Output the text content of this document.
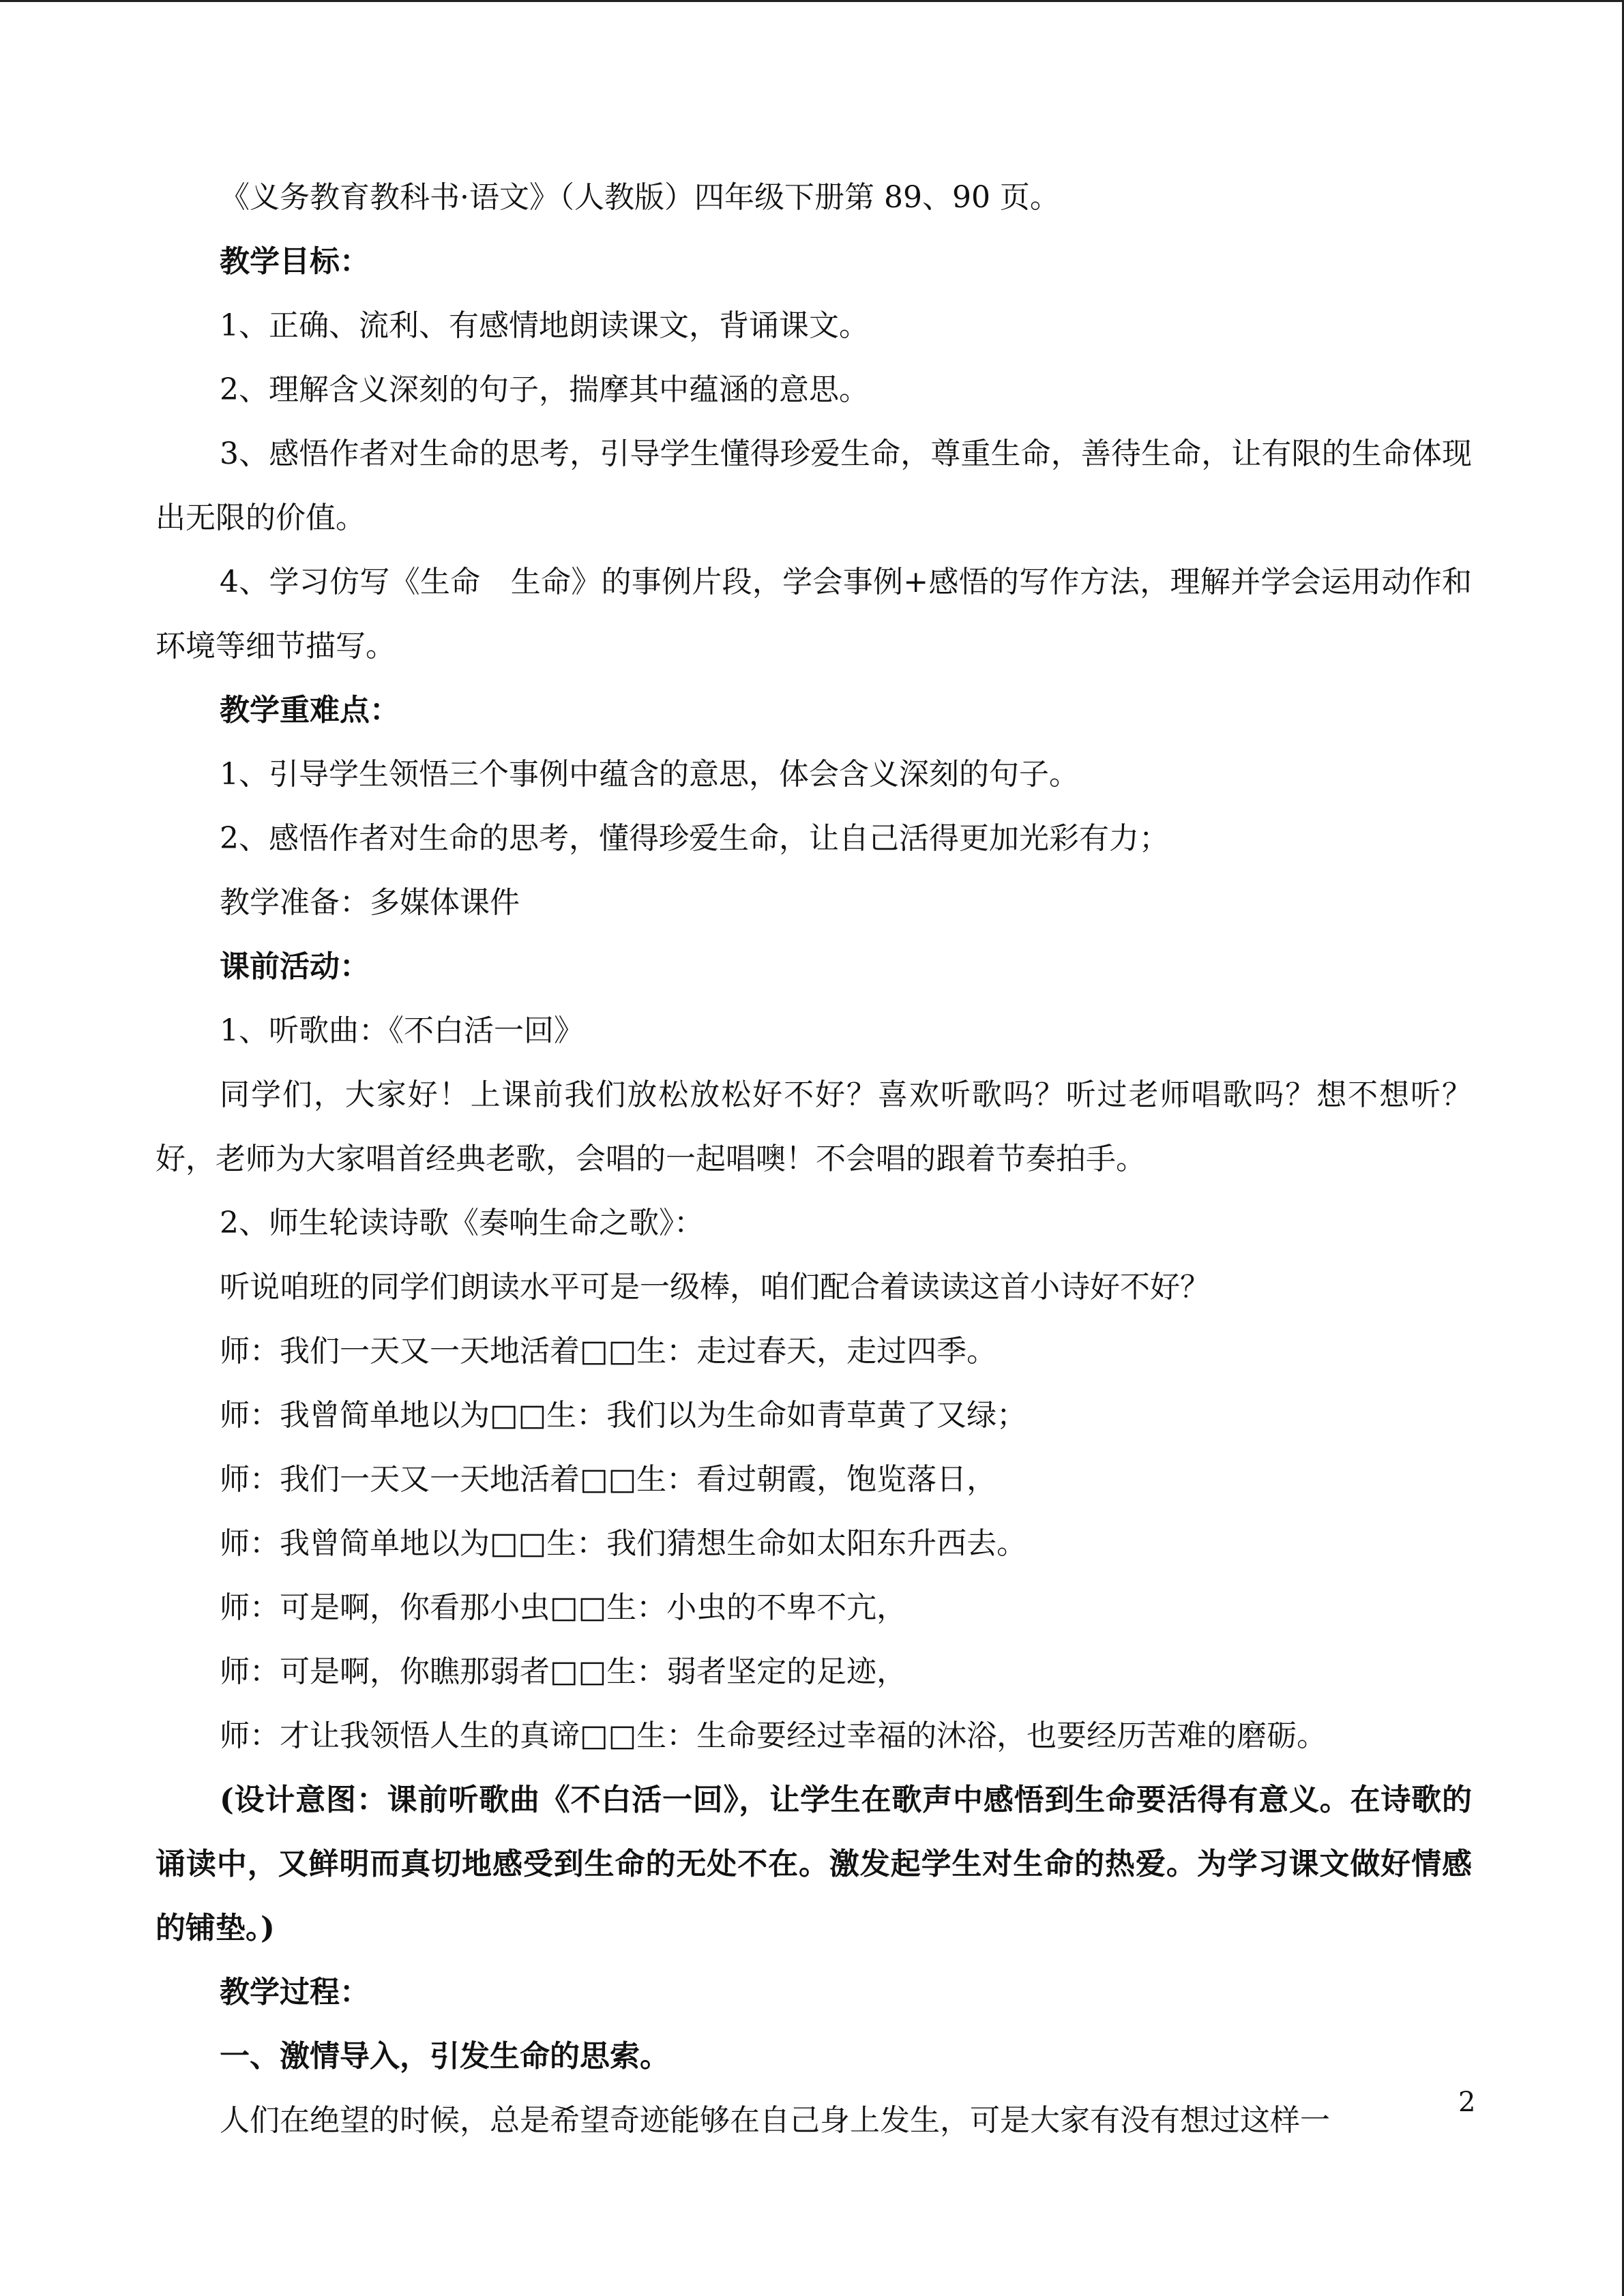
《义务教育教科书·语文》（人教版）四年级下册第 89、90 页。

教学目标：

1、正确、流利、有感情地朗读课文，背诵课文。

2、理解含义深刻的句子，揣摩其中蕴涵的意思。

3、感悟作者对生命的思考，引导学生懂得珍爱生命，尊重生命，善待生命，让有限的生命体现出无限的价值。

4、学习仿写《生命　生命》的事例片段，学会事例+感悟的写作方法，理解并学会运用动作和环境等细节描写。

教学重难点：

1、引导学生领悟三个事例中蕴含的意思，体会含义深刻的句子。

2、感悟作者对生命的思考，懂得珍爱生命，让自己活得更加光彩有力；

教学准备：多媒体课件

课前活动：

1、听歌曲：《不白活一回》

同学们，大家好！上课前我们放松放松好不好？喜欢听歌吗？听过老师唱歌吗？想不想听？好，老师为大家唱首经典老歌，会唱的一起唱噢！不会唱的跟着节奏拍手。

2、师生轮读诗歌《奏响生命之歌》：

听说咱班的同学们朗读水平可是一级棒，咱们配合着读读这首小诗好不好？

师：我们一天又一天地活着□□生：走过春天，走过四季。

师：我曾简单地以为□□生：我们以为生命如青草黄了又绿；

师：我们一天又一天地活着□□生：看过朝霞，饱览落日，

师：我曾简单地以为□□生：我们猜想生命如太阳东升西去。

师：可是啊，你看那小虫□□生：小虫的不卑不亢，

师：可是啊，你瞧那弱者□□生：弱者坚定的足迹，

师：才让我领悟人生的真谛□□生：生命要经过幸福的沐浴，也要经历苦难的磨砺。

(设计意图：课前听歌曲《不白活一回》，让学生在歌声中感悟到生命要活得有意义。在诗歌的诵读中，又鲜明而真切地感受到生命的无处不在。激发起学生对生命的热爱。为学习课文做好情感的铺垫。)

教学过程：

一、激情导入，引发生命的思索。

人们在绝望的时候，总是希望奇迹能够在自己身上发生，可是大家有没有想过这样一

2
